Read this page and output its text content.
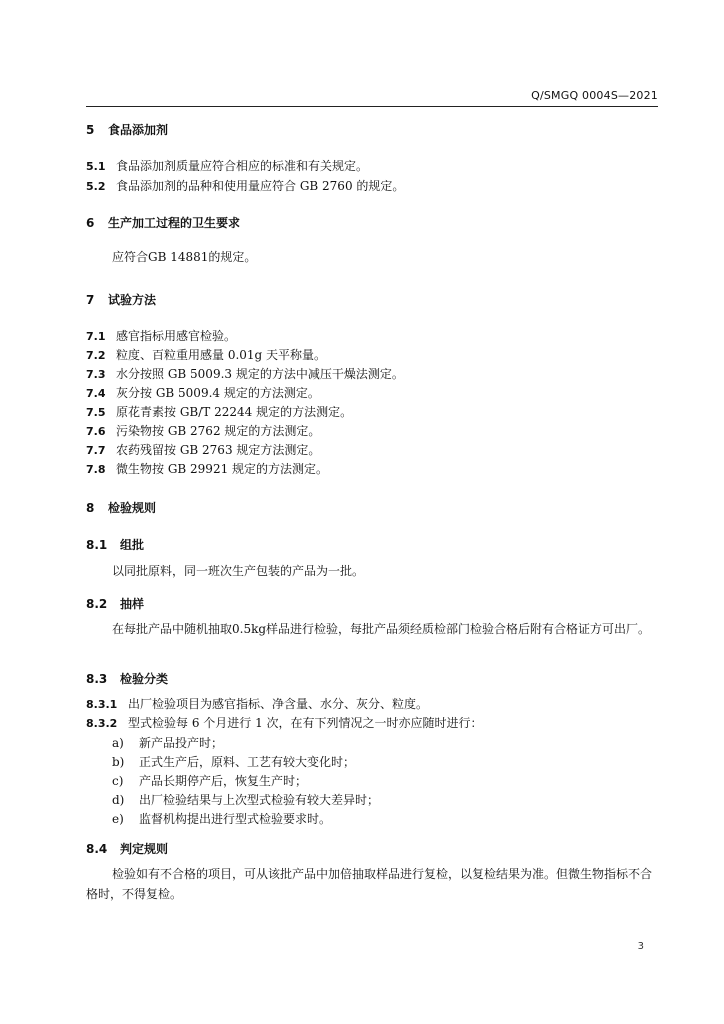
Q/SMGQ 0004S—2021
5 食品添加剂
5.1 食品添加剂质量应符合相应的标准和有关规定。
5.2 食品添加剂的品种和使用量应符合 GB 2760 的规定。
6 生产加工过程的卫生要求
应符合GB 14881的规定。
7 试验方法
7.1 感官指标用感官检验。
7.2 粒度、百粒重用感量 0.01g 天平称量。
7.3 水分按照 GB 5009.3 规定的方法中减压干燥法测定。
7.4 灰分按 GB 5009.4 规定的方法测定。
7.5 原花青素按 GB/T 22244 规定的方法测定。
7.6 污染物按 GB 2762 规定的方法测定。
7.7 农药残留按 GB 2763 规定方法测定。
7.8 微生物按 GB 29921 规定的方法测定。
8 检验规则
8.1 组批
以同批原料，同一班次生产包装的产品为一批。
8.2 抽样
在每批产品中随机抽取0.5kg样品进行检验，每批产品须经质检部门检验合格后附有合格证方可出厂。
8.3 检验分类
8.3.1 出厂检验项目为感官指标、净含量、水分、灰分、粒度。
8.3.2 型式检验每 6 个月进行 1 次，在有下列情况之一时亦应随时进行：
a) 新产品投产时；
b) 正式生产后，原料、工艺有较大变化时；
c) 产品长期停产后，恢复生产时；
d) 出厂检验结果与上次型式检验有较大差异时；
e) 监督机构提出进行型式检验要求时。
8.4 判定规则
检验如有不合格的项目，可从该批产品中加倍抽取样品进行复检，以复检结果为准。但微生物指标不合格时，不得复检。
3
